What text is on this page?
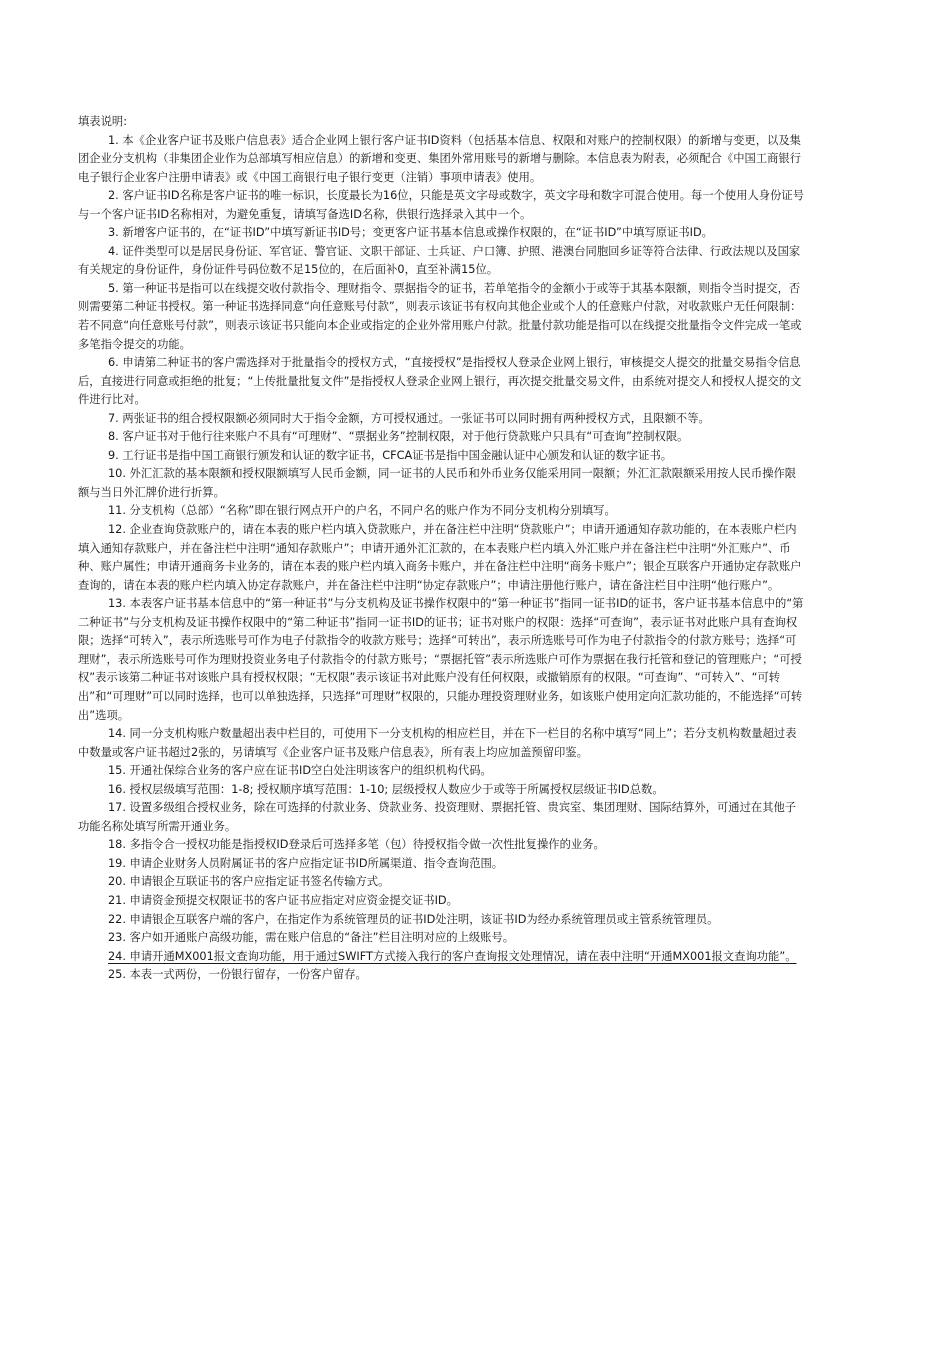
填表说明:

1. 本《企业客户证书及账户信息表》适合企业网上银行客户证书ID资料（包括基本信息、权限和对账户的控制权限）的新增与变更，以及集团企业分支机构（非集团企业作为总部填写相应信息）的新增和变更、集团外常用账号的新增与删除。本信息表为附表，必须配合《中国工商银行电子银行企业客户注册申请表》或《中国工商银行电子银行变更（注销）事项申请表》使用。

2. 客户证书ID名称是客户证书的唯一标识，长度最长为16位，只能是英文字母或数字，英文字母和数字可混合使用。每一个使用人身份证号与一个客户证书ID名称相对，为避免重复，请填写备选ID名称，供银行选择录入其中一个。

3. 新增客户证书的，在“证书ID”中填写新证书ID号；变更客户证书基本信息或操作权限的，在“证书ID”中填写原证书ID。

4. 证件类型可以是居民身份证、军官证、警官证、文职干部证、士兵证、户口簿、护照、港澳台同胞回乡证等符合法律、行政法规以及国家有关规定的身份证件，身份证件号码位数不足15位的，在后面补0，直至补满15位。

5. 第一种证书是指可以在线提交收付款指令、理财指令、票据指令的证书，若单笔指令的金额小于或等于其基本限额，则指令当时提交，否则需要第二种证书授权。第一种证书选择同意“向任意账号付款”，则表示该证书有权向其他企业或个人的任意账户付款，对收款账户无任何限制：若不同意“向任意账号付款”，则表示该证书只能向本企业或指定的企业外常用账户付款。批量付款功能是指可以在线提交批量指令文件完成一笔或多笔指令提交的功能。

6. 申请第二种证书的客户需选择对于批量指令的授权方式，“直接授权”是指授权人登录企业网上银行，审核提交人提交的批量交易指令信息后，直接进行同意或拒绝的批复；“上传批量批复文件”是指授权人登录企业网上银行，再次提交批量交易文件，由系统对提交人和授权人提交的文件进行比对。

7. 两张证书的组合授权限额必须同时大于指令金额，方可授权通过。一张证书可以同时拥有两种授权方式，且限额不等。

8. 客户证书对于他行往来账户不具有“可理财”、“票据业务”控制权限，对于他行贷款账户只具有“可查询”控制权限。

9. 工行证书是指中国工商银行颁发和认证的数字证书，CFCA证书是指中国金融认证中心颁发和认证的数字证书。

10. 外汇汇款的基本限额和授权限额填写人民币金额，同一证书的人民币和外币业务仅能采用同一限额；外汇汇款限额采用按人民币操作限额与当日外汇牌价进行折算。

11. 分支机构（总部）“名称”即在银行网点开户的户名，不同户名的账户作为不同分支机构分别填写。

12. 企业查询贷款账户的，请在本表的账户栏内填入贷款账户，并在备注栏中注明“贷款账户”；申请开通通知存款功能的，在本表账户栏内填入通知存款账户，并在备注栏中注明“通知存款账户”；申请开通外汇汇款的，在本表账户栏内填入外汇账户并在备注栏中注明“外汇账户”、币种、账户属性；申请开通商务卡业务的，请在本表的账户栏内填入商务卡账户，并在备注栏中注明“商务卡账户”；银企互联客户开通协定存款账户查询的，请在本表的账户栏内填入协定存款账户，并在备注栏中注明“协定存款账户”；申请注册他行账户，请在备注栏目中注明“他行账户”。

13. 本表客户证书基本信息中的“第一种证书”与分支机构及证书操作权限中的“第一种证书”指同一证书ID的证书，客户证书基本信息中的“第二种证书”与分支机构及证书操作权限中的“第二种证书”指同一证书ID的证书；证书对账户的权限：选择“可查询”，表示证书对此账户具有查询权限；选择“可转入”，表示所选账号可作为电子付款指令的收款方账号；选择“可转出”，表示所选账号可作为电子付款指令的付款方账号；选择“可理财”，表示所选账号可作为理财投资业务电子付款指令的付款方账号；“票据托管”表示所选账户可作为票据在我行托管和登记的管理账户；“可授权”表示该第二种证书对该账户具有授权权限；“无权限”表示该证书对此账户没有任何权限，或撤销原有的权限。“可查询”、“可转入”、“可转出”和“可理财”可以同时选择，也可以单独选择，只选择“可理财”权限的，只能办理投资理财业务，如该账户使用定向汇款功能的，不能选择“可转出”选项。

14. 同一分支机构账户数量超出表中栏目的，可使用下一分支机构的相应栏目，并在下一栏目的名称中填写“同上”；若分支机构数量超过表中数量或客户证书超过2张的，另请填写《企业客户证书及账户信息表》，所有表上均应加盖预留印鉴。

15. 开通社保综合业务的客户应在证书ID空白处注明该客户的组织机构代码。

16. 授权层级填写范围：1-8; 授权顺序填写范围：1-10; 层级授权人数应少于或等于所属授权层级证书ID总数。

17. 设置多级组合授权业务，除在可选择的付款业务、贷款业务、投资理财、票据托管、贵宾室、集团理财、国际结算外，可通过在其他子功能名称处填写所需开通业务。

18. 多指令合一授权功能是指授权ID登录后可选择多笔（包）待授权指令做一次性批复操作的业务。

19. 申请企业财务人员附属证书的客户应指定证书ID所属渠道、指令查询范围。

20. 申请银企互联证书的客户应指定证书签名传输方式。

21. 申请资金预提交权限证书的客户证书应指定对应资金提交证书ID。

22. 申请银企互联客户端的客户，在指定作为系统管理员的证书ID处注明，该证书ID为经办系统管理员或主管系统管理员。

23. 客户如开通账户高级功能，需在账户信息的“备注”栏目注明对应的上级账号。

24. 申请开通MX001报文查询功能，用于通过SWIFT方式接入我行的客户查询报文处理情况，请在表中注明“开通MX001报文查询功能”。

25. 本表一式两份，一份银行留存，一份客户留存。
